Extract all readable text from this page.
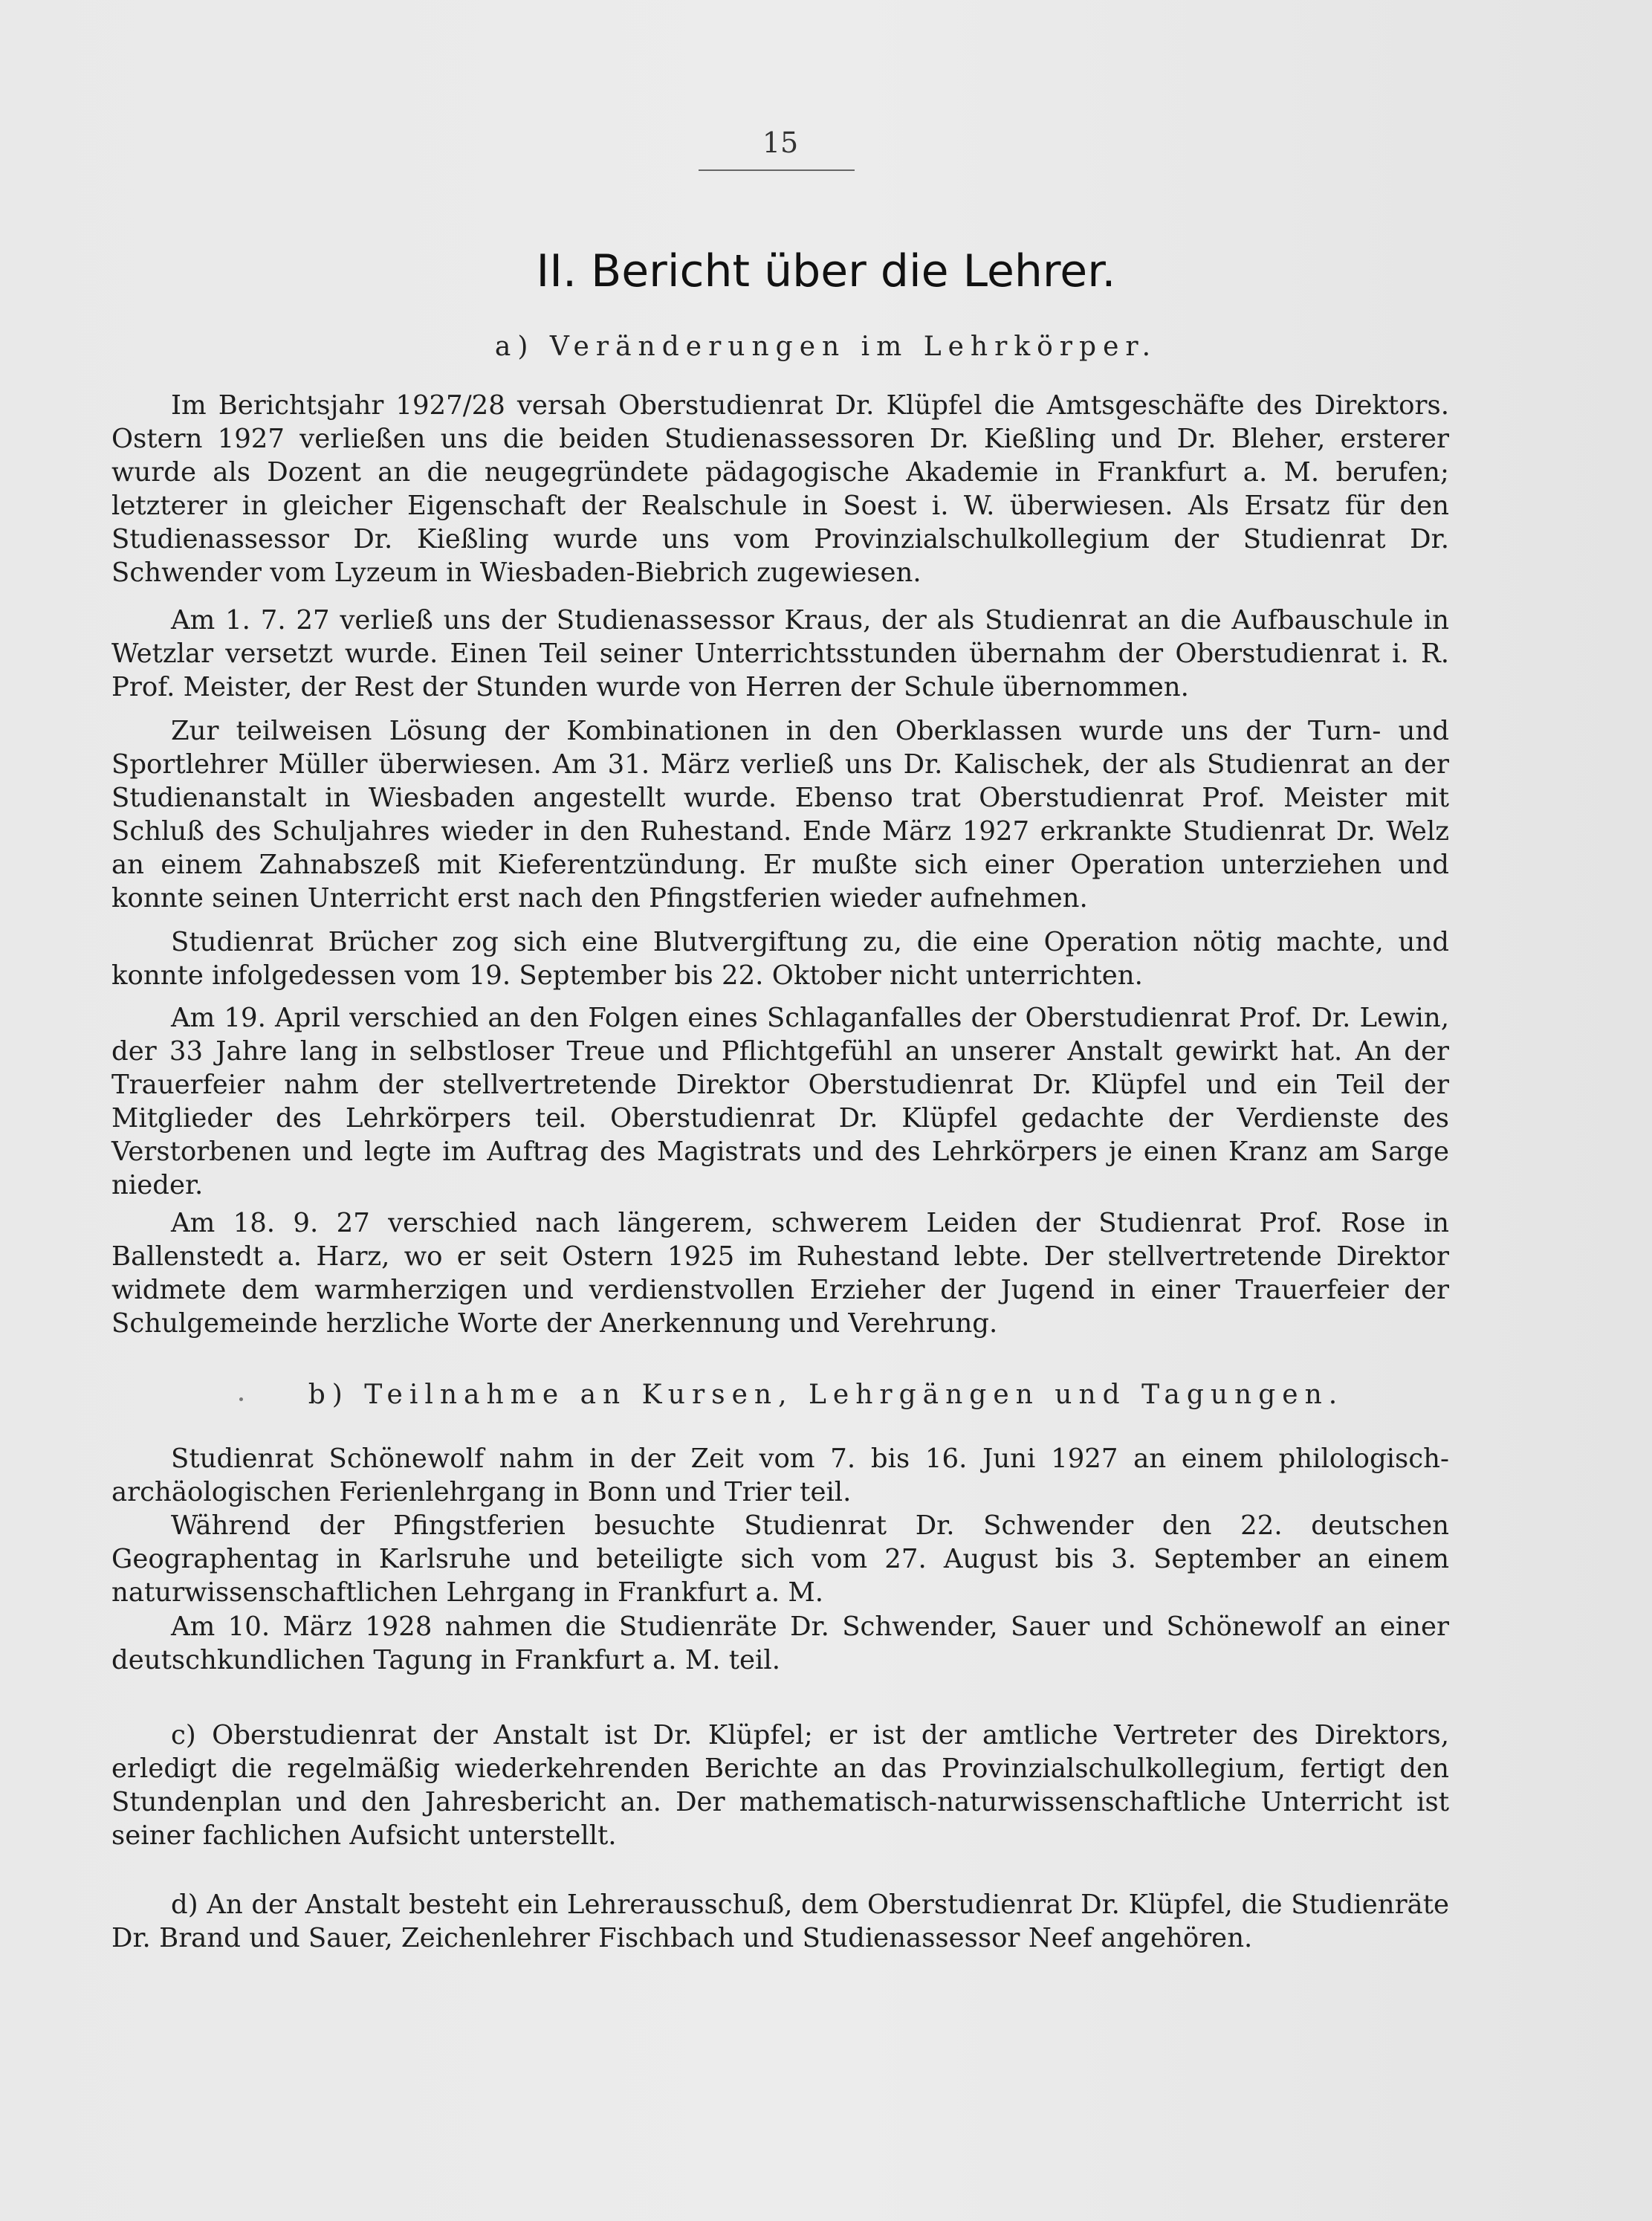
15
II. Bericht über die Lehrer.
a) Veränderungen im Lehrkörper.

Im Berichtsjahr 1927/28 versah Oberstudienrat Dr. Klüpfel die Amtsgeschäfte des Direktors. Ostern 1927 verließen uns die beiden Studienassessoren Dr. Kießling und Dr. Bleher, ersterer wurde als Dozent an die neugegründete pädagogische Akademie in Frankfurt a. M. berufen; letzterer in gleicher Eigenschaft der Realschule in Soest i. W. überwiesen. Als Ersatz für den Studienassessor Dr. Kießling wurde uns vom Provinzialschulkollegium der Studienrat Dr. Schwender vom Lyzeum in Wiesbaden-Biebrich zugewiesen.

Am 1. 7. 27 verließ uns der Studienassessor Kraus, der als Studienrat an die Aufbauschule in Wetzlar versetzt wurde. Einen Teil seiner Unterrichtsstunden übernahm der Oberstudienrat i. R. Prof. Meister, der Rest der Stunden wurde von Herren der Schule übernommen.

Zur teilweisen Lösung der Kombinationen in den Oberklassen wurde uns der Turn- und Sportlehrer Müller überwiesen. Am 31. März verließ uns Dr. Kalischek, der als Studienrat an der Studienanstalt in Wiesbaden angestellt wurde. Ebenso trat Oberstudienrat Prof. Meister mit Schluß des Schuljahres wieder in den Ruhestand. Ende März 1927 erkrankte Studienrat Dr. Welz an einem Zahnabszeß mit Kieferentzündung. Er mußte sich einer Operation unterziehen und konnte seinen Unterricht erst nach den Pfingstferien wieder aufnehmen.

Studienrat Brücher zog sich eine Blutvergiftung zu, die eine Operation nötig machte, und konnte infolgedessen vom 19. September bis 22. Oktober nicht unterrichten.

Am 19. April verschied an den Folgen eines Schlaganfalles der Oberstudienrat Prof. Dr. Lewin, der 33 Jahre lang in selbstloser Treue und Pflichtgefühl an unserer Anstalt gewirkt hat. An der Trauerfeier nahm der stellvertretende Direktor Oberstudienrat Dr. Klüpfel und ein Teil der Mitglieder des Lehrkörpers teil. Oberstudienrat Dr. Klüpfel gedachte der Verdienste des Verstorbenen und legte im Auftrag des Magistrats und des Lehrkörpers je einen Kranz am Sarge nieder.

Am 18. 9. 27 verschied nach längerem, schwerem Leiden der Studienrat Prof. Rose in Ballenstedt a. Harz, wo er seit Ostern 1925 im Ruhestand lebte. Der stellvertretende Direktor widmete dem warmherzigen und verdienstvollen Erzieher der Jugend in einer Trauerfeier der Schulgemeinde herzliche Worte der Anerkennung und Verehrung.

b) Teilnahme an Kursen, Lehrgängen und Tagungen.

Studienrat Schönewolf nahm in der Zeit vom 7. bis 16. Juni 1927 an einem philologisch-archäologischen Ferienlehrgang in Bonn und Trier teil.

Während der Pfingstferien besuchte Studienrat Dr. Schwender den 22. deutschen Geographentag in Karlsruhe und beteiligte sich vom 27. August bis 3. September an einem naturwissenschaftlichen Lehrgang in Frankfurt a. M.

Am 10. März 1928 nahmen die Studienräte Dr. Schwender, Sauer und Schönewolf an einer deutschkundlichen Tagung in Frankfurt a. M. teil.

c) Oberstudienrat der Anstalt ist Dr. Klüpfel; er ist der amtliche Vertreter des Direktors, erledigt die regelmäßig wiederkehrenden Berichte an das Provinzialschulkollegium, fertigt den Stundenplan und den Jahresbericht an. Der mathematisch-naturwissenschaftliche Unterricht ist seiner fachlichen Aufsicht unterstellt.

d) An der Anstalt besteht ein Lehrerausschuß, dem Oberstudienrat Dr. Klüpfel, die Studienräte Dr. Brand und Sauer, Zeichenlehrer Fischbach und Studienassessor Neef angehören.
